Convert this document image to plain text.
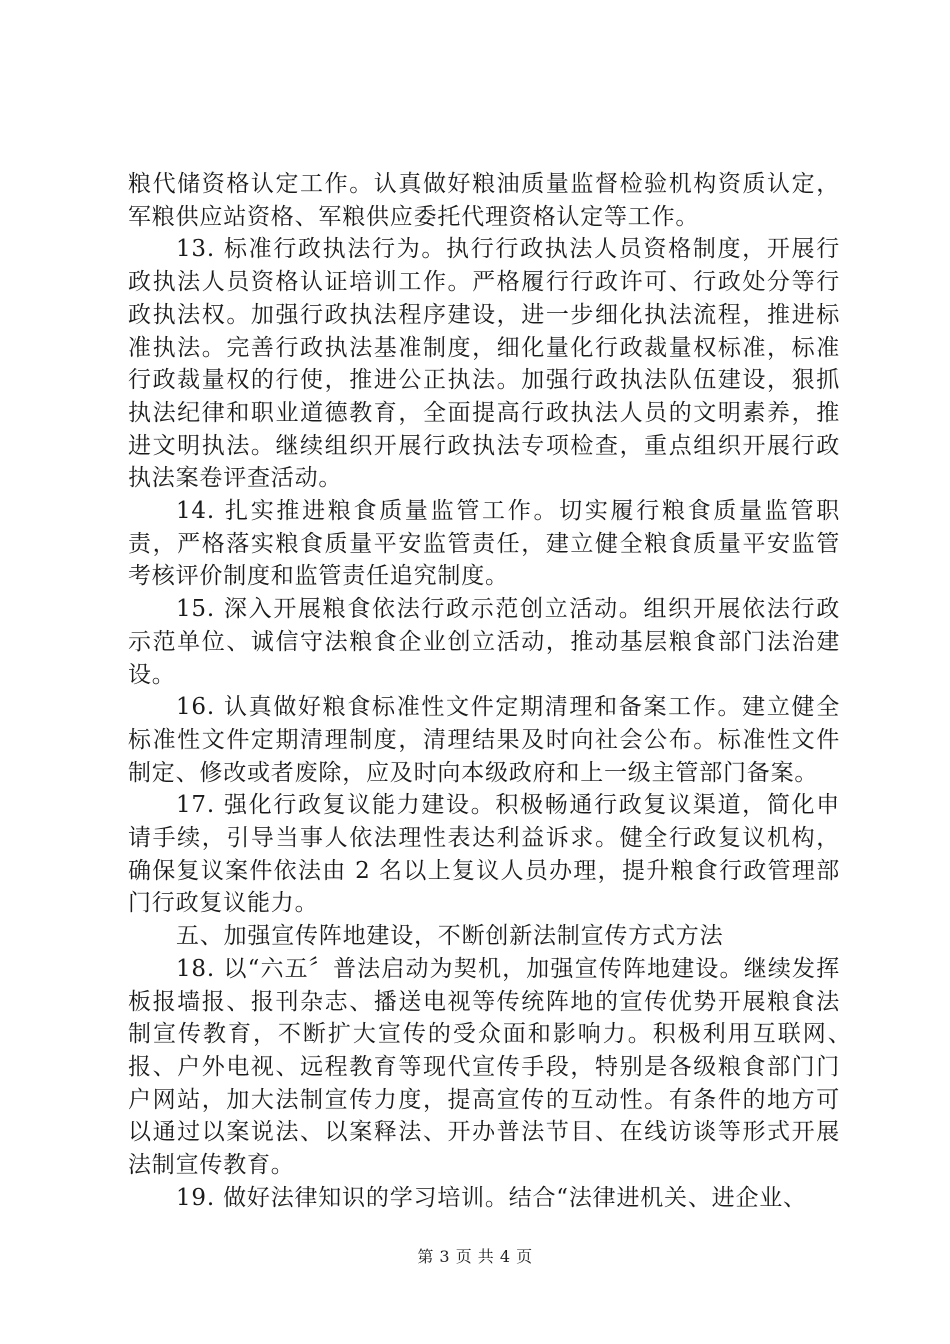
粮代储资格认定工作。认真做好粮油质量监督检验机构资质认定，军粮供应站资格、军粮供应委托代理资格认定等工作。

13. 标准行政执法行为。执行行政执法人员资格制度，开展行政执法人员资格认证培训工作。严格履行行政许可、行政处分等行政执法权。加强行政执法程序建设，进一步细化执法流程，推进标准执法。完善行政执法基准制度，细化量化行政裁量权标准，标准行政裁量权的行使，推进公正执法。加强行政执法队伍建设，狠抓执法纪律和职业道德教育，全面提高行政执法人员的文明素养，推进文明执法。继续组织开展行政执法专项检查，重点组织开展行政执法案卷评查活动。

14. 扎实推进粮食质量监管工作。切实履行粮食质量监管职责，严格落实粮食质量平安监管责任，建立健全粮食质量平安监管考核评价制度和监管责任追究制度。

15. 深入开展粮食依法行政示范创立活动。组织开展依法行政示范单位、诚信守法粮食企业创立活动，推动基层粮食部门法治建设。

16. 认真做好粮食标准性文件定期清理和备案工作。建立健全标准性文件定期清理制度，清理结果及时向社会公布。标准性文件制定、修改或者废除，应及时向本级政府和上一级主管部门备案。

17. 强化行政复议能力建设。积极畅通行政复议渠道，简化申请手续，引导当事人依法理性表达利益诉求。健全行政复议机构，确保复议案件依法由 2 名以上复议人员办理，提升粮食行政管理部门行政复议能力。

五、加强宣传阵地建设，不断创新法制宣传方式方法

18. 以“六五〞普法启动为契机，加强宣传阵地建设。继续发挥板报墙报、报刊杂志、播送电视等传统阵地的宣传优势开展粮食法制宣传教育，不断扩大宣传的受众面和影响力。积极利用互联网、　　报、户外电视、远程教育等现代宣传手段，特别是各级粮食部门门户网站，加大法制宣传力度，提高宣传的互动性。有条件的地方可以通过以案说法、以案释法、开办普法节目、在线访谈等形式开展法制宣传教育。

19. 做好法律知识的学习培训。结合“法律进机关、进企业、

第 3 页 共 4 页
